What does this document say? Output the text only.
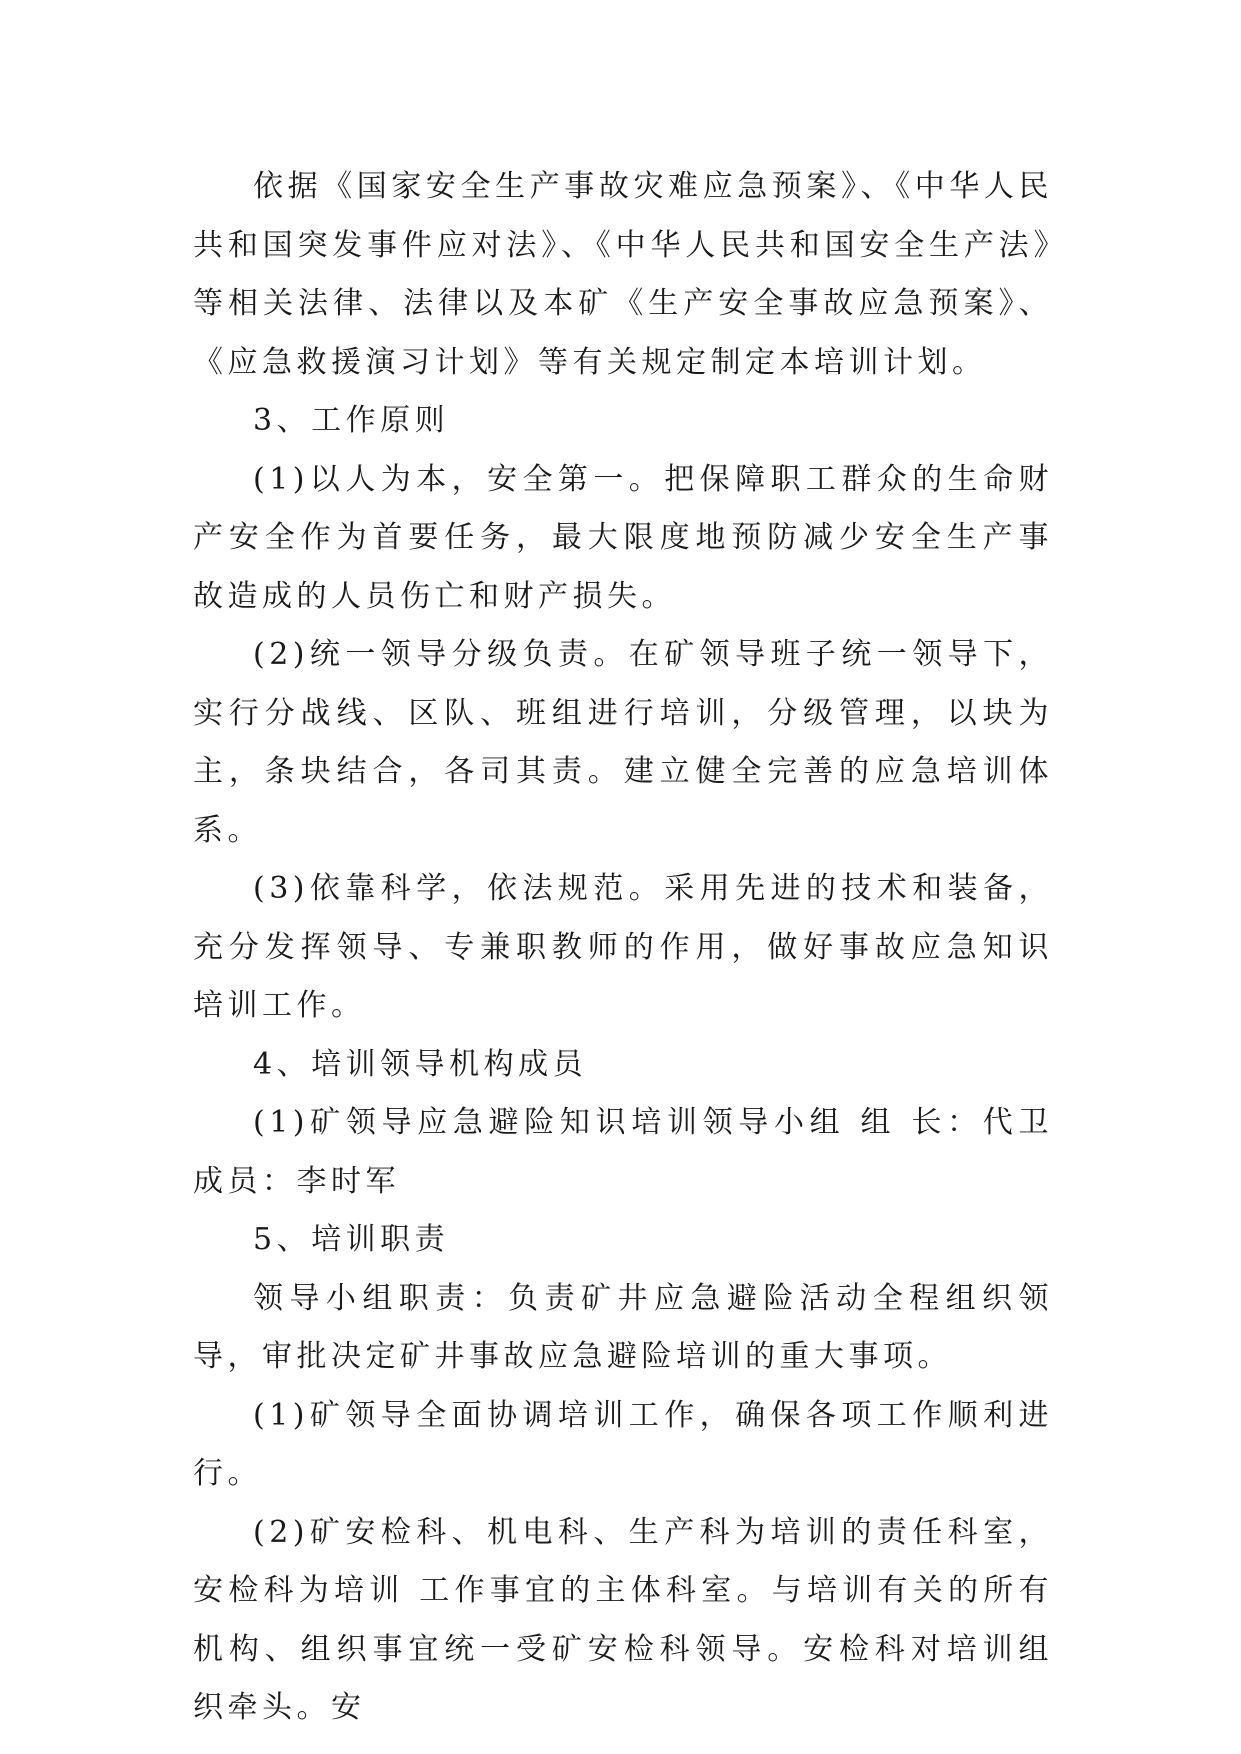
依据《国家安全生产事故灾难应急预案》、《中华人民共和国突发事件应对法》、《中华人民共和国安全生产法》等相关法律、法律以及本矿《生产安全事故应急预案》、《应急救援演习计划》等有关规定制定本培训计划。

3、工作原则

(1)以人为本，安全第一。把保障职工群众的生命财产安全作为首要任务，最大限度地预防减少安全生产事故造成的人员伤亡和财产损失。

(2)统一领导分级负责。在矿领导班子统一领导下，实行分战线、区队、班组进行培训，分级管理，以块为主，条块结合，各司其责。建立健全完善的应急培训体系。

(3)依靠科学，依法规范。采用先进的技术和装备，充分发挥领导、专兼职教师的作用，做好事故应急知识培训工作。

4、培训领导机构成员

(1)矿领导应急避险知识培训领导小组 组 长：代卫 成员：李时军

5、培训职责

领导小组职责：负责矿井应急避险活动全程组织领导，审批决定矿井事故应急避险培训的重大事项。

(1)矿领导全面协调培训工作，确保各项工作顺利进行。

(2)矿安检科、机电科、生产科为培训的责任科室，安检科为培训 工作事宜的主体科室。与培训有关的所有机构、组织事宜统一受矿安检科领导。安检科对培训组织牵头。安
